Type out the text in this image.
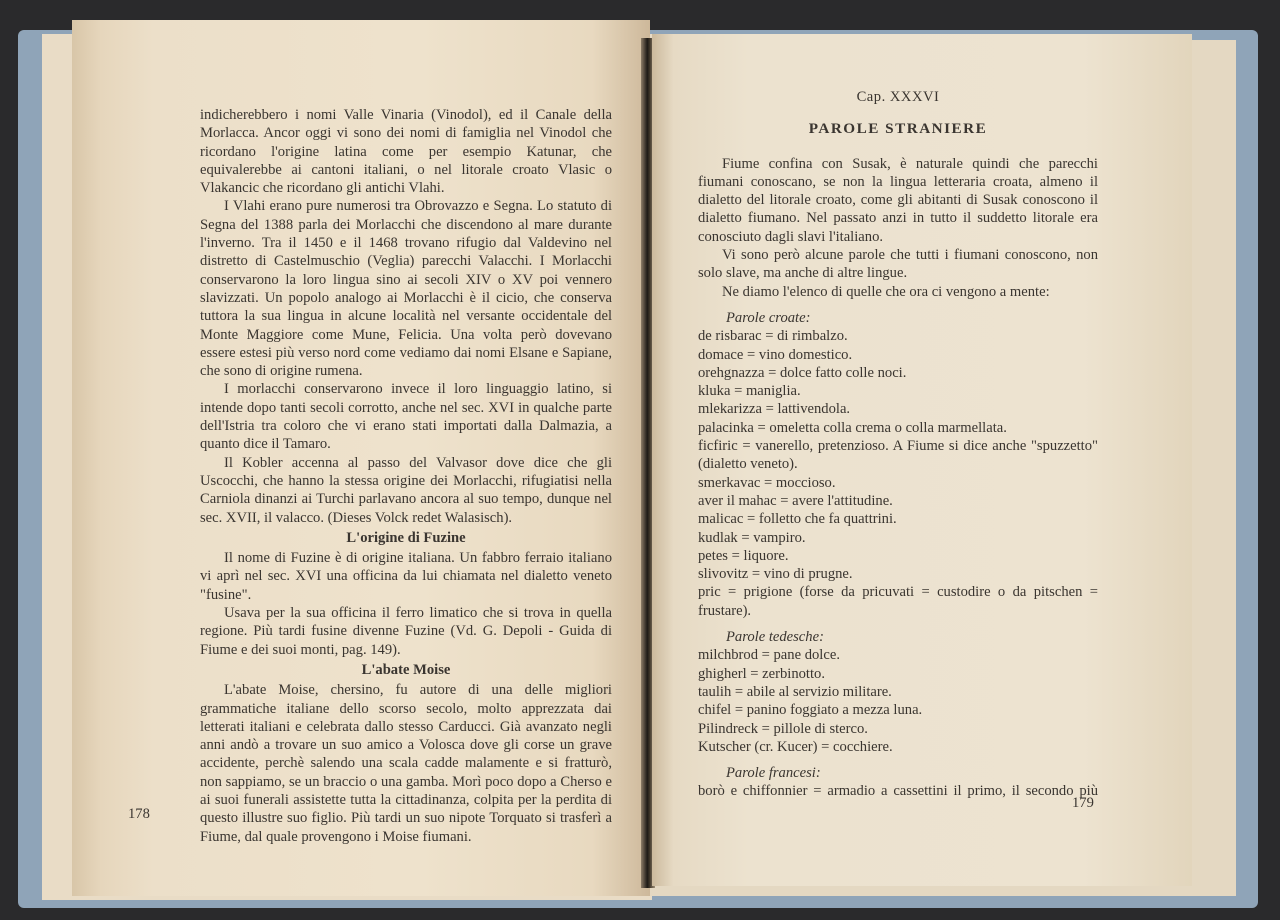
indicherebbero i nomi Valle Vinaria (Vinodol), ed il Canale della Morlacca. Ancor oggi vi sono dei nomi di famiglia nel Vinodol che ricordano l'origine latina come per esempio Katunar, che equivalerebbe ai cantoni italiani, o nel litorale croato Vlasic o Vlakancic che ricordano gli antichi Vlahi.

I Vlahi erano pure numerosi tra Obrovazzo e Segna. Lo statuto di Segna del 1388 parla dei Morlacchi che discendono al mare durante l'inverno. Tra il 1450 e il 1468 trovano rifugio dal Valdevino nel distretto di Castelmuschio (Veglia) parecchi Valacchi. I Morlacchi conservarono la loro lingua sino ai secoli XIV o XV poi vennero slavizzati. Un popolo analogo ai Morlacchi è il cicio, che conserva tuttora la sua lingua in alcune località nel versante occidentale del Monte Maggiore come Mune, Felicia. Una volta però dovevano essere estesi più verso nord come vediamo dai nomi Elsane e Sapiane, che sono di origine rumena.

I morlacchi conservarono invece il loro linguaggio latino, si intende dopo tanti secoli corrotto, anche nel sec. XVI in qualche parte dell'Istria tra coloro che vi erano stati importati dalla Dalmazia, a quanto dice il Tamaro.

Il Kobler accenna al passo del Valvasor dove dice che gli Uscocchi, che hanno la stessa origine dei Morlacchi, rifugiatisi nella Carniola dinanzi ai Turchi parlavano ancora al suo tempo, dunque nel sec. XVII, il valacco. (Dieses Volck redet Walasisch).

L'origine di Fuzine

Il nome di Fuzine è di origine italiana. Un fabbro ferraio italiano vi aprì nel sec. XVI una officina da lui chiamata nel dialetto veneto "fusine".

Usava per la sua officina il ferro limatico che si trova in quella regione. Più tardi fusine divenne Fuzine (Vd. G. Depoli - Guida di Fiume e dei suoi monti, pag. 149).

L'abate Moise

L'abate Moise, chersino, fu autore di una delle migliori grammatiche italiane dello scorso secolo, molto apprezzata dai letterati italiani e celebrata dallo stesso Carducci. Già avanzato negli anni andò a trovare un suo amico a Volosca dove gli corse un grave accidente, perchè salendo una scala cadde malamente e si fratturò, non sappiamo, se un braccio o una gamba. Morì poco dopo a Cherso e ai suoi funerali assistette tutta la cittadinanza, colpita per la perdita di questo illustre suo figlio. Più tardi un suo nipote Torquato si trasferì a Fiume, dal quale provengono i Moise fiumani.

178

Cap. XXXVI

PAROLE STRANIERE

Fiume confina con Susak, è naturale quindi che parecchi fiumani conoscano, se non la lingua letteraria croata, almeno il dialetto del litorale croato, come gli abitanti di Susak conoscono il dialetto fiumano. Nel passato anzi in tutto il suddetto litorale era conosciuto dagli slavi l'italiano.

Vi sono però alcune parole che tutti i fiumani conoscono, non solo slave, ma anche di altre lingue.

Ne diamo l'elenco di quelle che ora ci vengono a mente:

Parole croate:

de risbarac = di rimbalzo.

domace = vino domestico.

orehgnazza = dolce fatto colle noci.

kluka = maniglia.

mlekarizza = lattivendola.

palacinka = omeletta colla crema o colla marmellata.

ficfiric = vanerello, pretenzioso. A Fiume si dice anche "spuzzetto" (dialetto veneto).

smerkavac = moccioso.

aver il mahac = avere l'attitudine.

malicac = folletto che fa quattrini.

kudlak = vampiro.

petes = liquore.

slivovitz = vino di prugne.

pric = prigione (forse da pricuvati = custodire o da pitschen = frustare).

Parole tedesche:

milchbrod = pane dolce.

ghigherl = zerbinotto.

taulih = abile al servizio militare.

chifel = panino foggiato a mezza luna.

Pilindreck = pillole di sterco.

Kutscher (cr. Kucer) = cocchiere.

Parole francesi:

borò e chiffonnier = armadio a cassettini il primo, il secondo più

179
